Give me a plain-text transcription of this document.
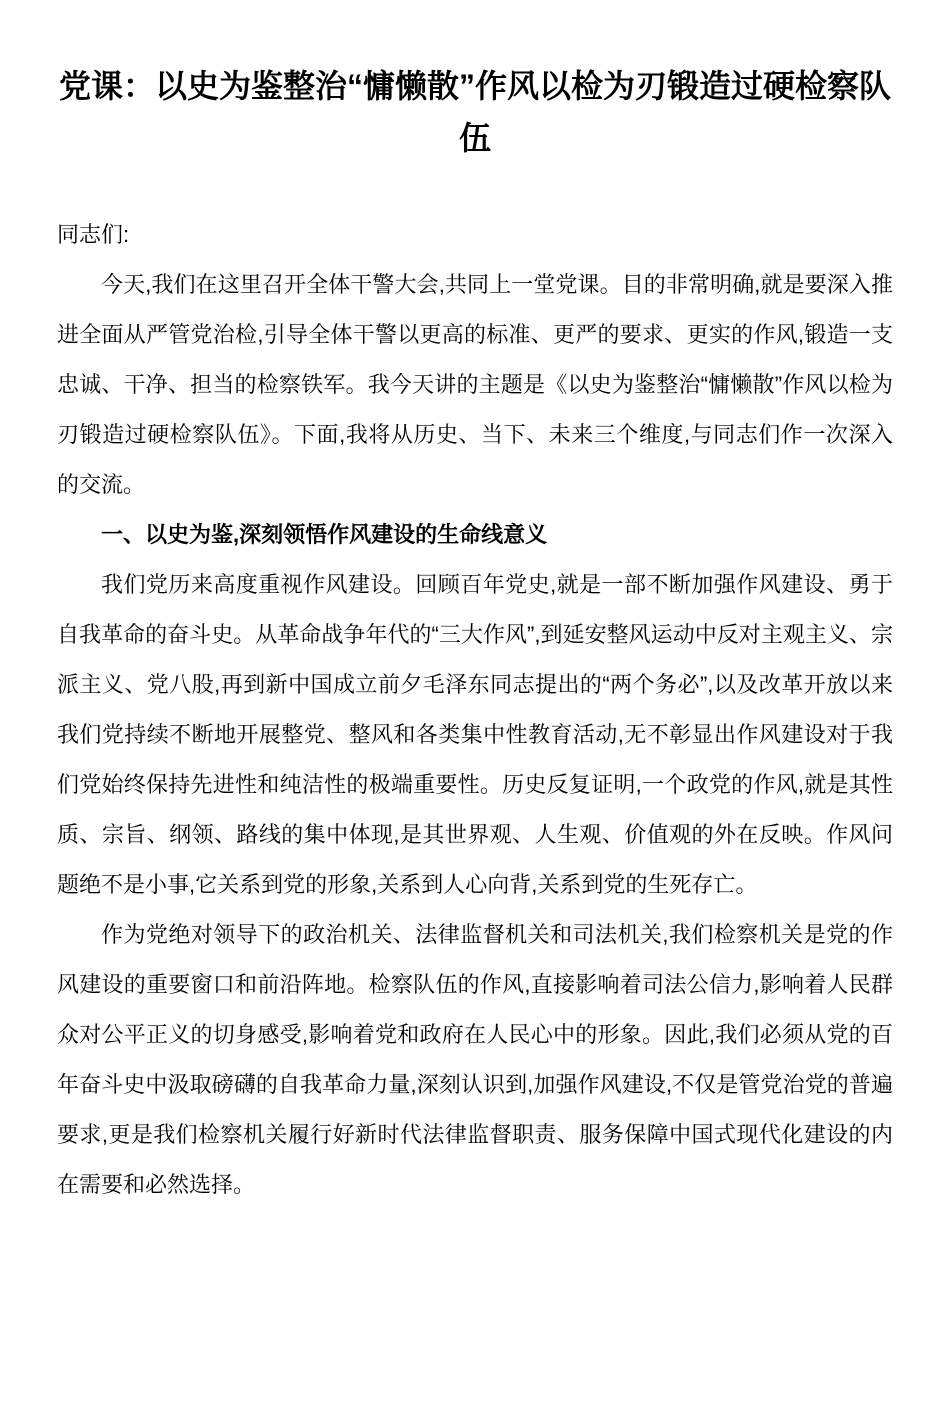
党课：以史为鉴整治“慵懒散”作风以检为刃锻造过硬检察队伍

同志们:

今天,我们在这里召开全体干警大会,共同上一堂党课。目的非常明确,就是要深入推进全面从严管党治检,引导全体干警以更高的标准、更严的要求、更实的作风,锻造一支忠诚、干净、担当的检察铁军。我今天讲的主题是《以史为鉴整治“慵懒散”作风以检为刃锻造过硬检察队伍》。下面,我将从历史、当下、未来三个维度,与同志们作一次深入的交流。

一、以史为鉴,深刻领悟作风建设的生命线意义

我们党历来高度重视作风建设。回顾百年党史,就是一部不断加强作风建设、勇于自我革命的奋斗史。从革命战争年代的“三大作风”,到延安整风运动中反对主观主义、宗派主义、党八股,再到新中国成立前夕毛泽东同志提出的“两个务必”,以及改革开放以来我们党持续不断地开展整党、整风和各类集中性教育活动,无不彰显出作风建设对于我们党始终保持先进性和纯洁性的极端重要性。历史反复证明,一个政党的作风,就是其性质、宗旨、纲领、路线的集中体现,是其世界观、人生观、价值观的外在反映。作风问题绝不是小事,它关系到党的形象,关系到人心向背,关系到党的生死存亡。

作为党绝对领导下的政治机关、法律监督机关和司法机关,我们检察机关是党的作风建设的重要窗口和前沿阵地。检察队伍的作风,直接影响着司法公信力,影响着人民群众对公平正义的切身感受,影响着党和政府在人民心中的形象。因此,我们必须从党的百年奋斗史中汲取磅礴的自我革命力量,深刻认识到,加强作风建设,不仅是管党治党的普遍要求,更是我们检察机关履行好新时代法律监督职责、服务保障中国式现代化建设的内在需要和必然选择。
